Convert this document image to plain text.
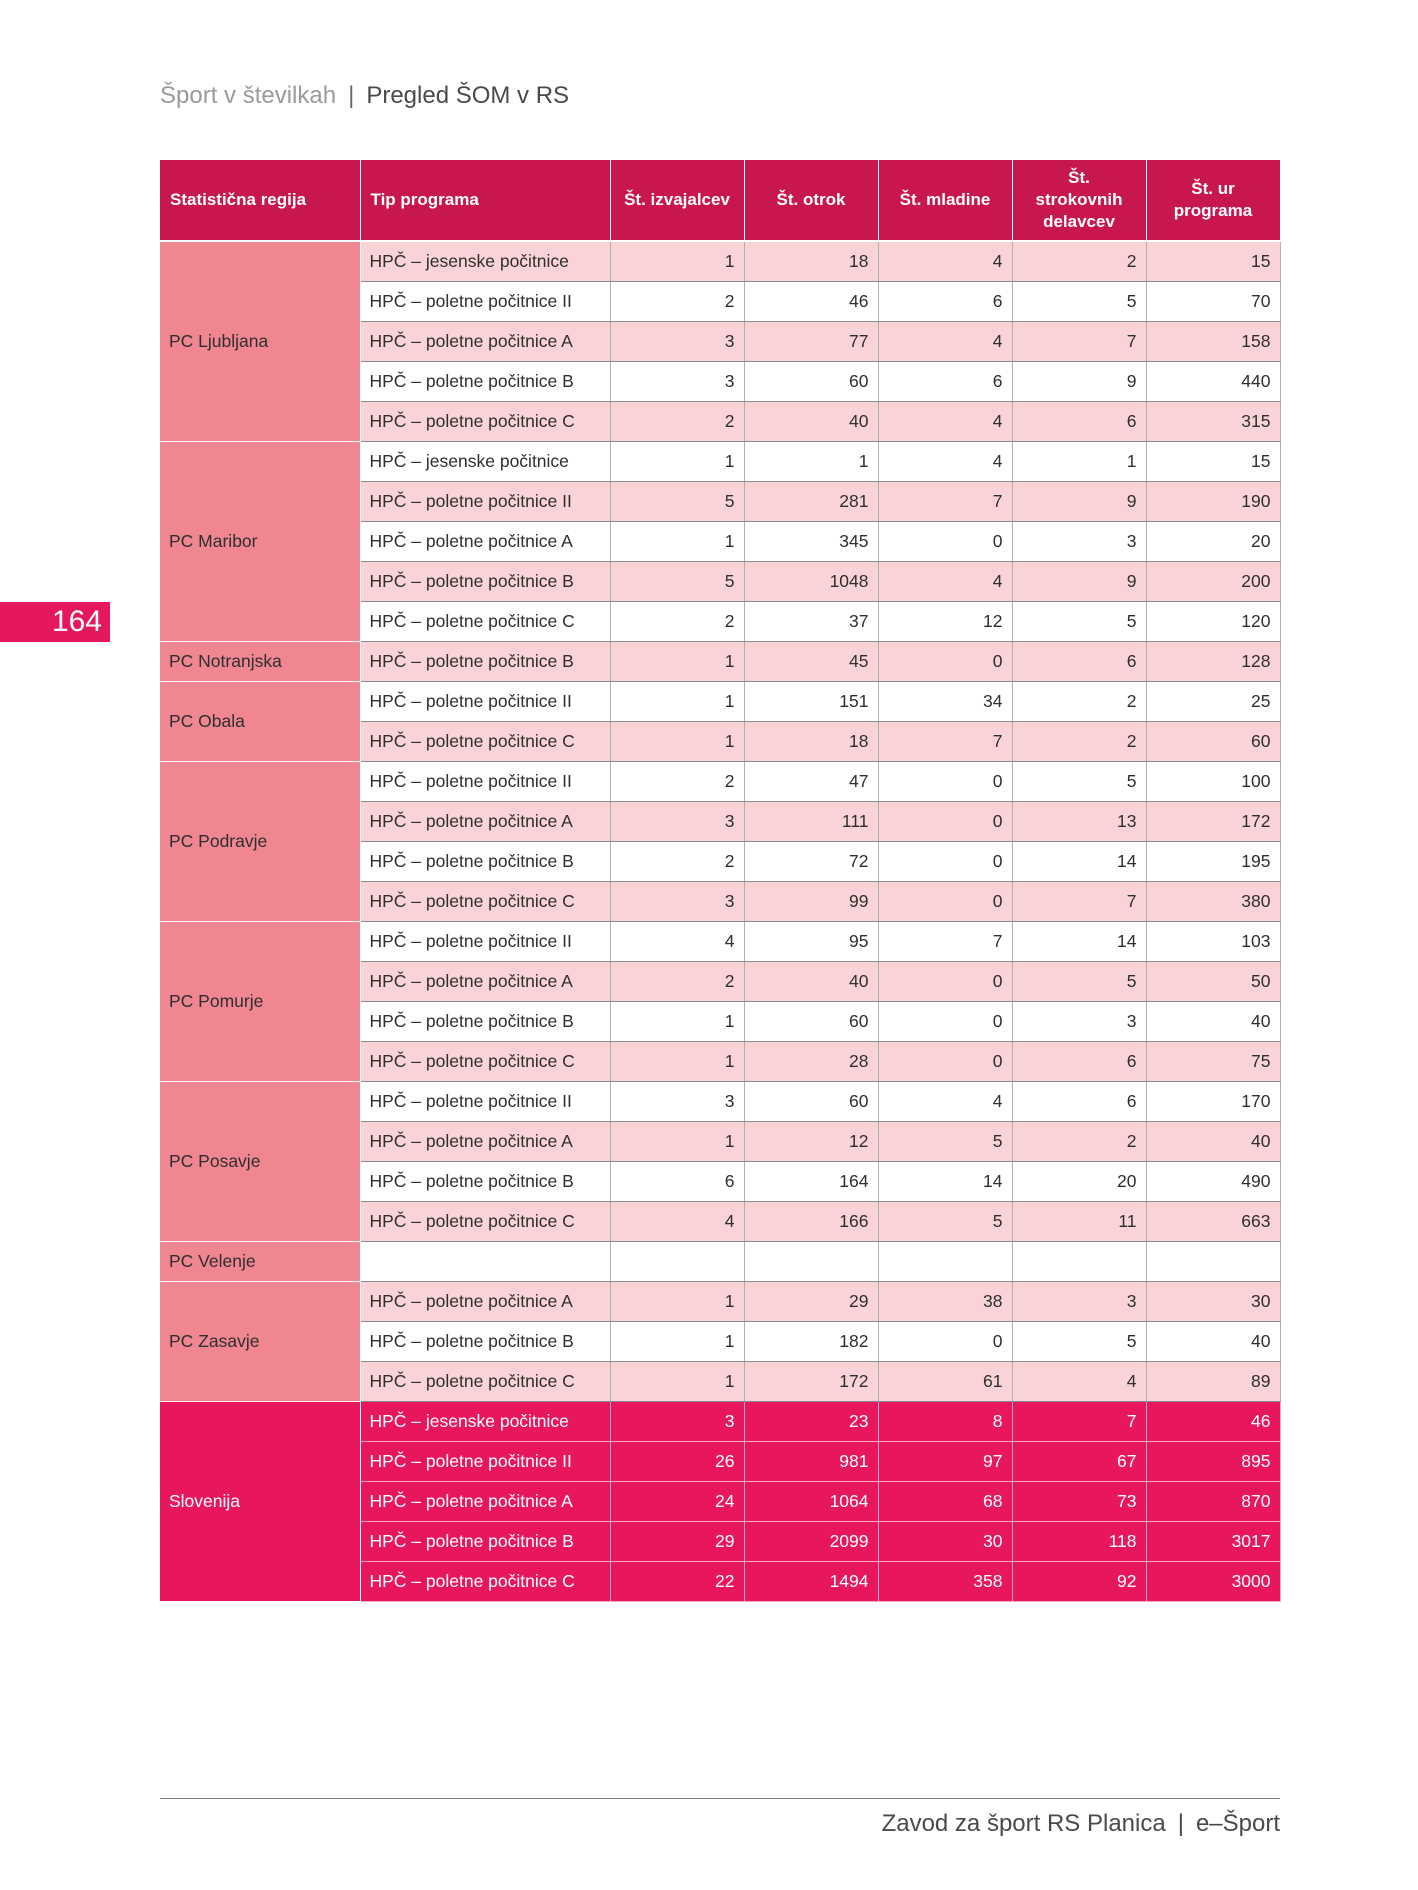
Šport v številkah | Pregled ŠOM v RS
164
Statistična regija	Tip programa	Št. izvajalcev	Št. otrok	Št. mladine	Št. strokovnih delavcev	Št. ur programa
PC Ljubljana	HPČ – jesenske počitnice	1	18	4	2	15
	HPČ – poletne počitnice II	2	46	6	5	70
	HPČ – poletne počitnice A	3	77	4	7	158
	HPČ – poletne počitnice B	3	60	6	9	440
	HPČ – poletne počitnice C	2	40	4	6	315
PC Maribor	HPČ – jesenske počitnice	1	1	4	1	15
	HPČ – poletne počitnice II	5	281	7	9	190
	HPČ – poletne počitnice A	1	345	0	3	20
	HPČ – poletne počitnice B	5	1048	4	9	200
	HPČ – poletne počitnice C	2	37	12	5	120
PC Notranjska	HPČ – poletne počitnice B	1	45	0	6	128
PC Obala	HPČ – poletne počitnice II	1	151	34	2	25
	HPČ – poletne počitnice C	1	18	7	2	60
PC Podravje	HPČ – poletne počitnice II	2	47	0	5	100
	HPČ – poletne počitnice A	3	111	0	13	172
	HPČ – poletne počitnice B	2	72	0	14	195
	HPČ – poletne počitnice C	3	99	0	7	380
PC Pomurje	HPČ – poletne počitnice II	4	95	7	14	103
	HPČ – poletne počitnice A	2	40	0	5	50
	HPČ – poletne počitnice B	1	60	0	3	40
	HPČ – poletne počitnice C	1	28	0	6	75
PC Posavje	HPČ – poletne počitnice II	3	60	4	6	170
	HPČ – poletne počitnice A	1	12	5	2	40
	HPČ – poletne počitnice B	6	164	14	20	490
	HPČ – poletne počitnice C	4	166	5	11	663
PC Velenje						
PC Zasavje	HPČ – poletne počitnice A	1	29	38	3	30
	HPČ – poletne počitnice B	1	182	0	5	40
	HPČ – poletne počitnice C	1	172	61	4	89
Slovenija	HPČ – jesenske počitnice	3	23	8	7	46
	HPČ – poletne počitnice II	26	981	97	67	895
	HPČ – poletne počitnice A	24	1064	68	73	870
	HPČ – poletne počitnice B	29	2099	30	118	3017
	HPČ – poletne počitnice C	22	1494	358	92	3000
Zavod za šport RS Planica | e–Šport
